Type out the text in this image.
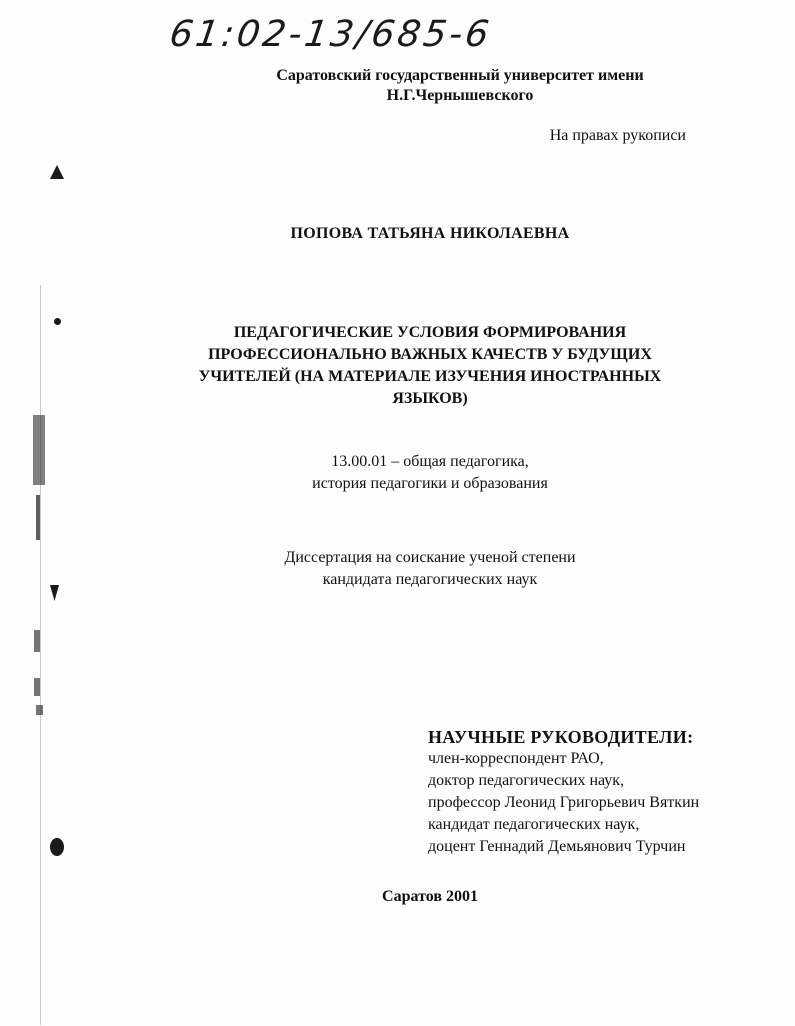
61:02-13/685-6
Саратовский государственный университет имени
Н.Г.Чернышевского
На правах рукописи
ПОПОВА ТАТЬЯНА НИКОЛАЕВНА
ПЕДАГОГИЧЕСКИЕ УСЛОВИЯ ФОРМИРОВАНИЯ
ПРОФЕССИОНАЛЬНО ВАЖНЫХ КАЧЕСТВ У БУДУЩИХ
УЧИТЕЛЕЙ (НА МАТЕРИАЛЕ ИЗУЧЕНИЯ ИНОСТРАННЫХ
ЯЗЫКОВ)
13.00.01 – общая педагогика,
история педагогики и образования
Диссертация на соискание ученой степени
кандидата педагогических наук
НАУЧНЫЕ РУКОВОДИТЕЛИ:
член-корреспондент РАО,
доктор педагогических наук,
профессор Леонид Григорьевич Вяткин
кандидат педагогических наук,
доцент Геннадий Демьянович Турчин
Саратов 2001
